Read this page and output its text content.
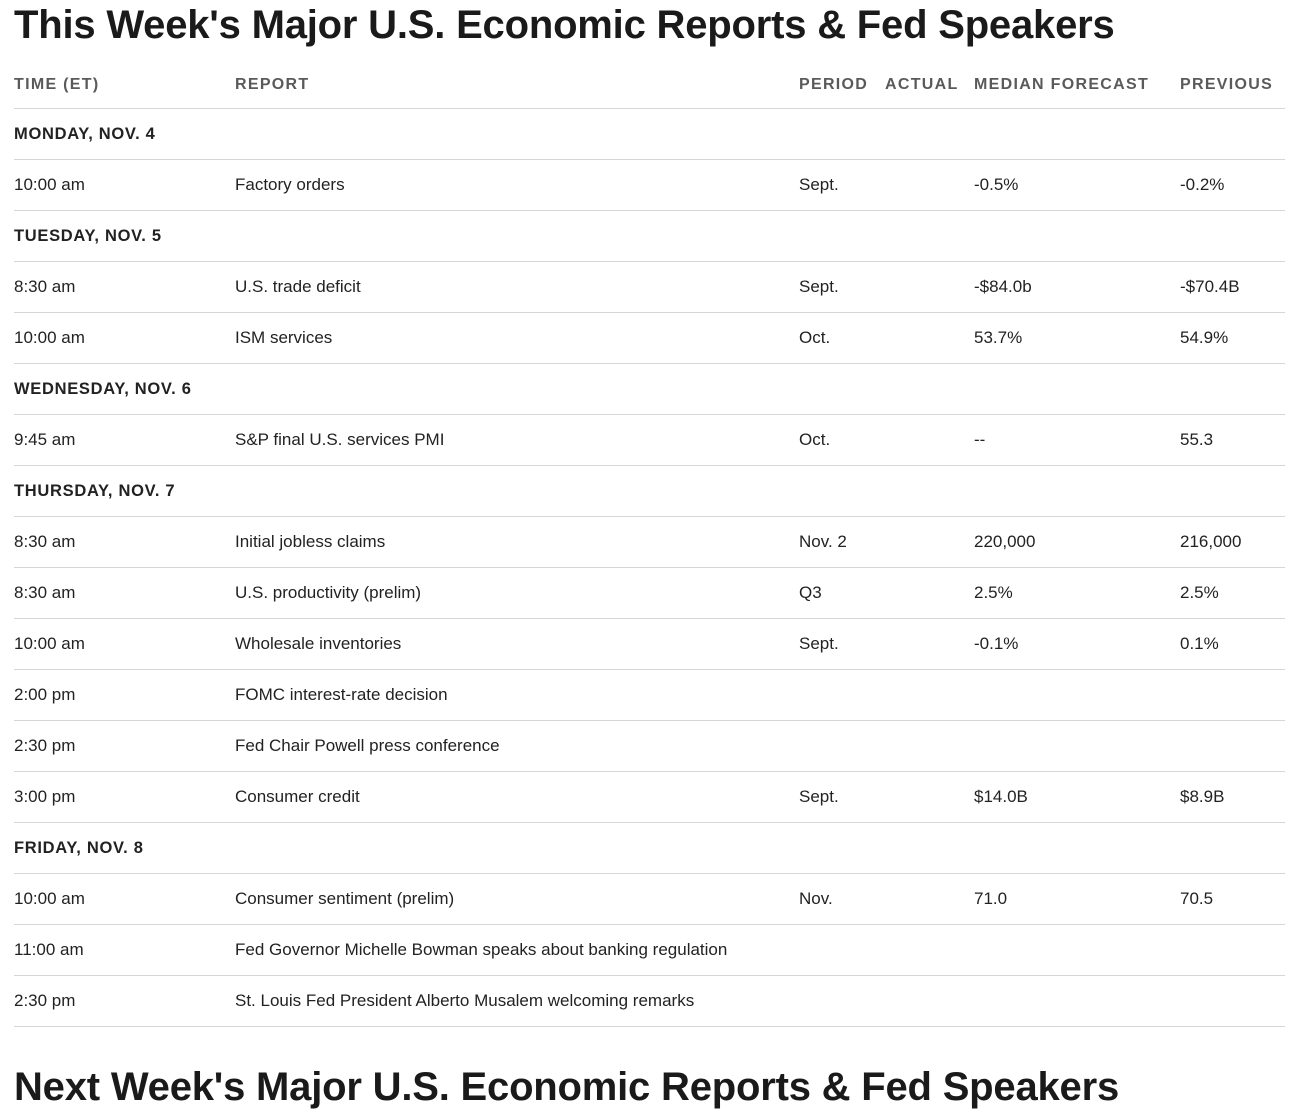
This Week's Major U.S. Economic Reports & Fed Speakers
TIME (ET)	REPORT	PERIOD	ACTUAL	MEDIAN FORECAST	PREVIOUS
MONDAY, NOV. 4					
10:00 am	Factory orders	Sept.		-0.5%	-0.2%
TUESDAY, NOV. 5					
8:30 am	U.S. trade deficit	Sept.		-$84.0b	-$70.4B
10:00 am	ISM services	Oct.		53.7%	54.9%
WEDNESDAY, NOV. 6					
9:45 am	S&P final U.S. services PMI	Oct.		--	55.3
THURSDAY, NOV. 7					
8:30 am	Initial jobless claims	Nov. 2		220,000	216,000
8:30 am	U.S. productivity (prelim)	Q3		2.5%	2.5%
10:00 am	Wholesale inventories	Sept.		-0.1%	0.1%
2:00 pm	FOMC interest-rate decision				
2:30 pm	Fed Chair Powell press conference				
3:00 pm	Consumer credit	Sept.		$14.0B	$8.9B
FRIDAY, NOV. 8					
10:00 am	Consumer sentiment (prelim)	Nov.		71.0	70.5
11:00 am	Fed Governor Michelle Bowman speaks about banking regulation				
2:30 pm	St. Louis Fed President Alberto Musalem welcoming remarks				
Next Week's Major U.S. Economic Reports & Fed Speakers
